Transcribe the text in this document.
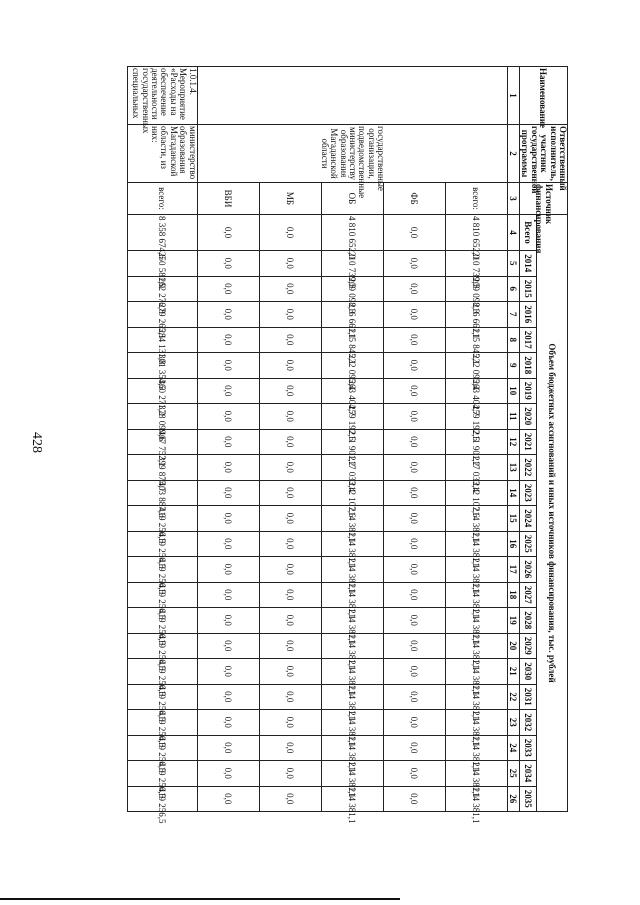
428
Наименование	Ответственный исполнитель, участник государственной программы	Источник финансирования	Объем бюджетных ассигнований и иных источников финансирования, тыс. рублей																						
			Всего	2014	2015	2016	2017	2018	2019	2020	2021	2022	2023	2024	2025	2026	2027	2028	2029	2030	2031	2032	2033	2034	2035
1	2	3	4	5	6	7	8	9	10	11	12	13	14	15	16	17	18	19	20	21	22	23	24	25	26
	государственные организации, подведомственные министерству образования Магаданской области	всего:	4 810 652,0	210 739,5	209 098,3	216 661,1	215 845,1	222 095,4	263 404,7	259 192,5	211 901,2	217 033,4	212 107,6	214 381,1	214 381,1	214 381,1	214 381,1	214 381,1	214 381,1	214 381,1	214 381,1	214 381,1	214 381,1	214 381,1	214 381,1
		ФБ	0,0	0,0	0,0	0,0	0,0	0,0	0,0	0,0	0,0	0,0	0,0	0,0	0,0	0,0	0,0	0,0	0,0	0,0	0,0	0,0	0,0	0,0	0,0
		ОБ	4 810 652,0	210 739,5	209 098,3	216 661,1	215 845,1	222 095,4	263 404,7	259 192,5	211 901,2	217 033,4	212 107,6	214 381,1	214 381,1	214 381,1	214 381,1	214 381,1	214 381,1	214 381,1	214 381,1	214 381,1	214 381,1	214 381,1	214 381,1
		МБ	0,0	0,0	0,0	0,0	0,0	0,0	0,0	0,0	0,0	0,0	0,0	0,0	0,0	0,0	0,0	0,0	0,0	0,0	0,0	0,0	0,0	0,0	0,0
		ВБИ	0,0	0,0	0,0	0,0	0,0	0,0	0,0	0,0	0,0	0,0	0,0	0,0	0,0	0,0	0,0	0,0	0,0	0,0	0,0	0,0	0,0	0,0	0,0
1.0.1.4. Мероприятие «Расходы на обеспечение деятельности государственных специальных	министерство образования Магаданской области, из них:	всего:	8 358 674,6	250 581,9	262 276,8	279 265,1	284 131,8	301 354,5	360 271,2	378 099,6	407 752,1	399 875,7	403 887,6	419 256,5	419 256,5	419 256,5	419 256,5	419 256,5	419 256,5	419 256,5	419 256,5	419 256,5	419 256,5	419 256,5	419 256,5
